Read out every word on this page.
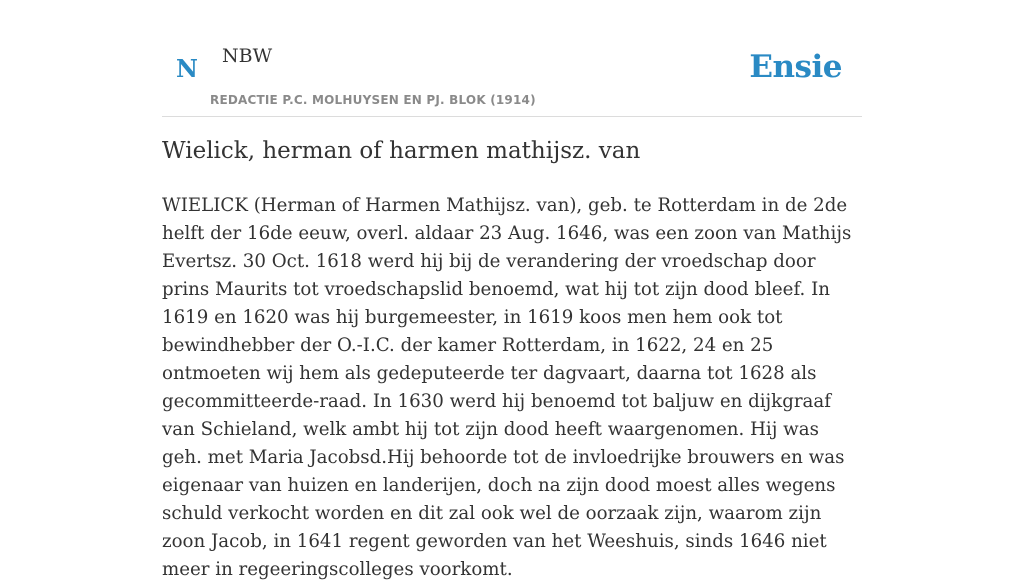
N NBW
REDACTIE P.C. MOLHUYSEN EN PJ. BLOK (1914)
Ensie
Wielick, herman of harmen mathijsz. van

WIELICK (Herman of Harmen Mathijsz. van), geb. te Rotterdam in de 2de helft der 16de eeuw, overl. aldaar 23 Aug. 1646, was een zoon van Mathijs Evertsz. 30 Oct. 1618 werd hij bij de verandering der vroedschap door prins Maurits tot vroedschapslid benoemd, wat hij tot zijn dood bleef. In 1619 en 1620 was hij burgemeester, in 1619 koos men hem ook tot bewindhebber der O.-I.C. der kamer Rotterdam, in 1622, 24 en 25 ontmoeten wij hem als gedeputeerde ter dagvaart, daarna tot 1628 als gecommitteerde-raad. In 1630 werd hij benoemd tot baljuw en dijkgraaf van Schieland, welk ambt hij tot zijn dood heeft waargenomen. Hij was geh. met Maria Jacobsd.Hij behoorde tot de invloedrijke brouwers en was eigenaar van huizen en landerijen, doch na zijn dood moest alles wegens schuld verkocht worden en dit zal ook wel de oorzaak zijn, waarom zijn zoon Jacob, in 1641 regent geworden van het Weeshuis, sinds 1646 niet meer in regeeringscolleges voorkomt.
